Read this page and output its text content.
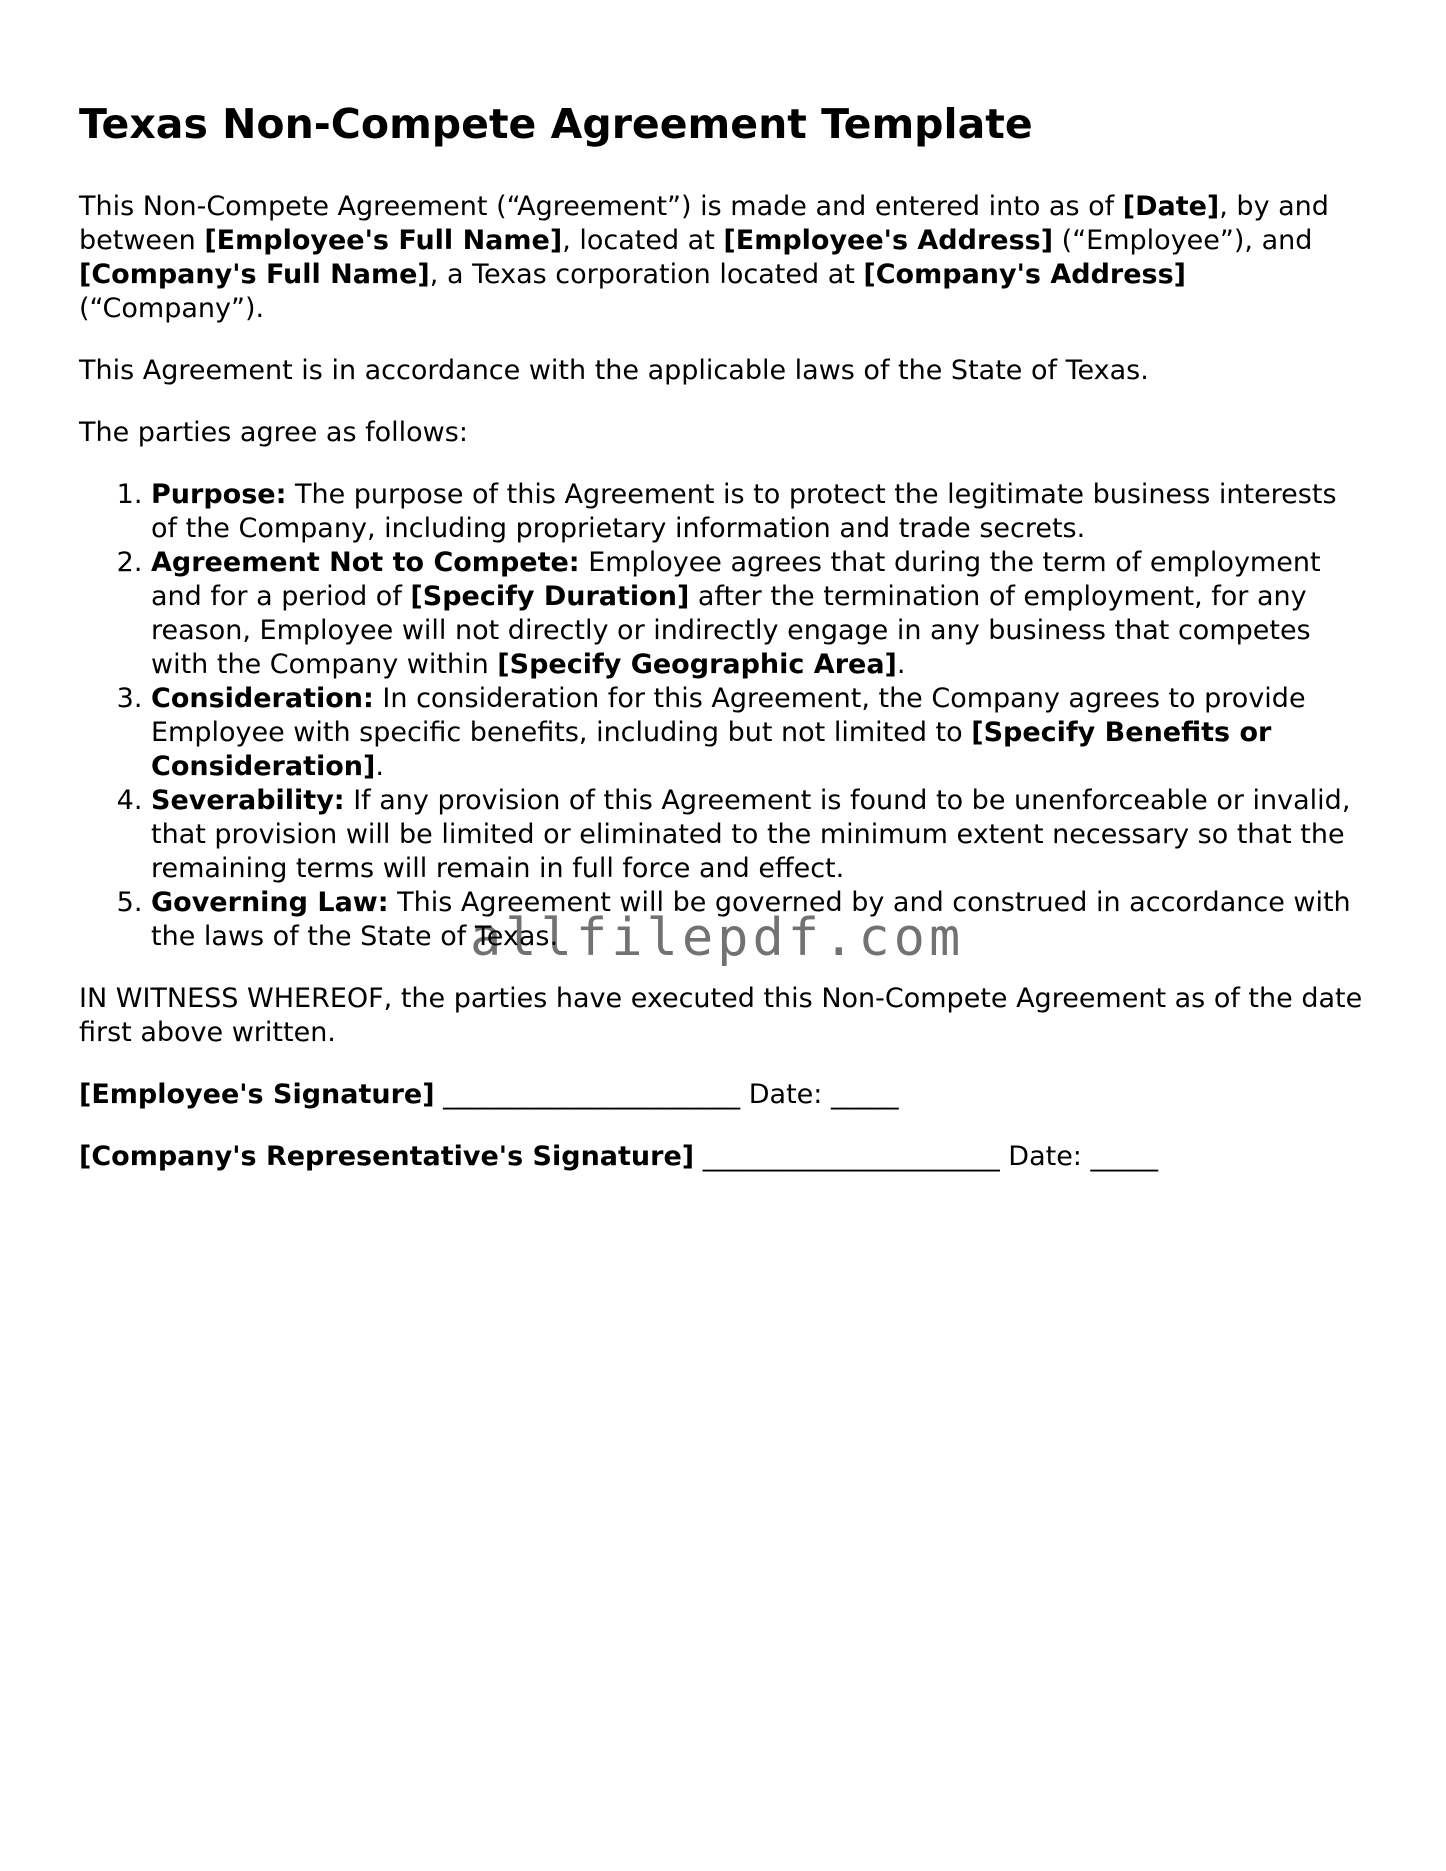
Texas Non-Compete Agreement Template

This Non-Compete Agreement (“Agreement”) is made and entered into as of [Date], by and between [Employee's Full Name], located at [Employee's Address] (“Employee”), and [Company's Full Name], a Texas corporation located at [Company's Address] (“Company”).

This Agreement is in accordance with the applicable laws of the State of Texas.

The parties agree as follows:

1. Purpose: The purpose of this Agreement is to protect the legitimate business interests of the Company, including proprietary information and trade secrets.
2. Agreement Not to Compete: Employee agrees that during the term of employment and for a period of [Specify Duration] after the termination of employment, for any reason, Employee will not directly or indirectly engage in any business that competes with the Company within [Specify Geographic Area].
3. Consideration: In consideration for this Agreement, the Company agrees to provide Employee with specific benefits, including but not limited to [Specify Benefits or Consideration].
4. Severability: If any provision of this Agreement is found to be unenforceable or invalid, that provision will be limited or eliminated to the minimum extent necessary so that the remaining terms will remain in full force and effect.
5. Governing Law: This Agreement will be governed by and construed in accordance with the laws of the State of Texas.

IN WITNESS WHEREOF, the parties have executed this Non-Compete Agreement as of the date first above written.

[Employee's Signature] ______________________ Date: _____

[Company's Representative's Signature] ______________________ Date: _____

allfilepdf.com
